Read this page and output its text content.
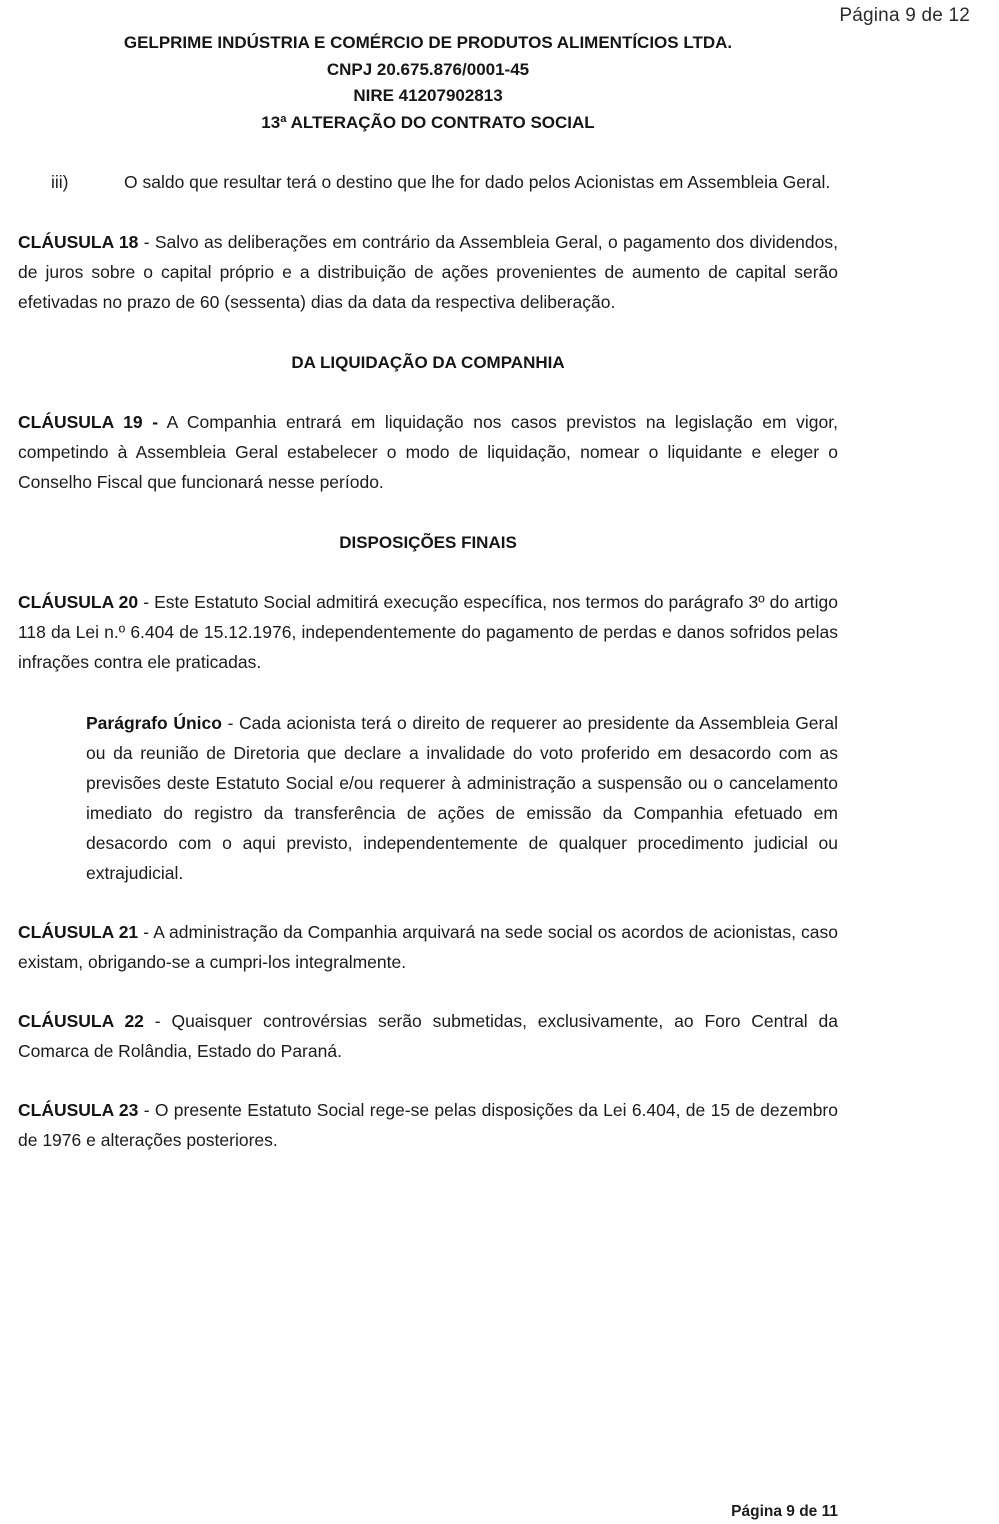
Página 9 de 12
GELPRIME INDÚSTRIA E COMÉRCIO DE PRODUTOS ALIMENTÍCIOS LTDA.
CNPJ 20.675.876/0001-45
NIRE 41207902813
13ª ALTERAÇÃO DO CONTRATO SOCIAL
iii)	O saldo que resultar terá o destino que lhe for dado pelos Acionistas em Assembleia Geral.

CLÁUSULA 18 - Salvo as deliberações em contrário da Assembleia Geral, o pagamento dos dividendos, de juros sobre o capital próprio e a distribuição de ações provenientes de aumento de capital serão efetivadas no prazo de 60 (sessenta) dias da data da respectiva deliberação.

DA LIQUIDAÇÃO DA COMPANHIA

CLÁUSULA 19 - A Companhia entrará em liquidação nos casos previstos na legislação em vigor, competindo à Assembleia Geral estabelecer o modo de liquidação, nomear o liquidante e eleger o Conselho Fiscal que funcionará nesse período.

DISPOSIÇÕES FINAIS

CLÁUSULA 20 - Este Estatuto Social admitirá execução específica, nos termos do parágrafo 3º do artigo 118 da Lei n.º 6.404 de 15.12.1976, independentemente do pagamento de perdas e danos sofridos pelas infrações contra ele praticadas.

Parágrafo Único - Cada acionista terá o direito de requerer ao presidente da Assembleia Geral ou da reunião de Diretoria que declare a invalidade do voto proferido em desacordo com as previsões deste Estatuto Social e/ou requerer à administração a suspensão ou o cancelamento imediato do registro da transferência de ações de emissão da Companhia efetuado em desacordo com o aqui previsto, independentemente de qualquer procedimento judicial ou extrajudicial.

CLÁUSULA 21 - A administração da Companhia arquivará na sede social os acordos de acionistas, caso existam, obrigando-se a cumpri-los integralmente.

CLÁUSULA 22 - Quaisquer controvérsias serão submetidas, exclusivamente, ao Foro Central da Comarca de Rolândia, Estado do Paraná.

CLÁUSULA 23 - O presente Estatuto Social rege-se pelas disposições da Lei 6.404, de 15 de dezembro de 1976 e alterações posteriores.

Página 9 de 11
